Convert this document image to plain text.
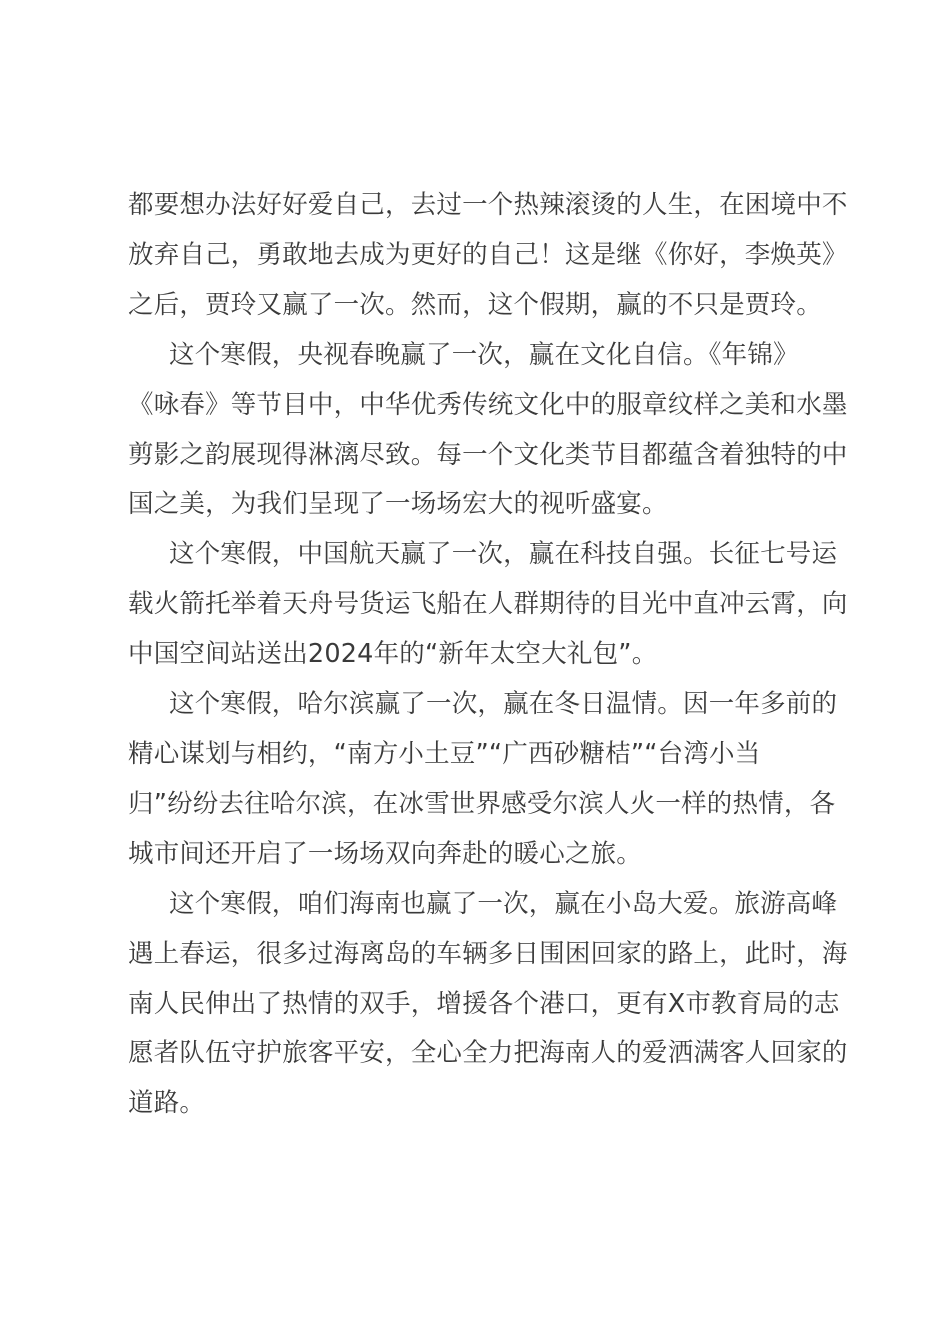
都要想办法好好爱自己，去过一个热辣滚烫的人生，在困境中不
放弃自己，勇敢地去成为更好的自己！这是继《你好，李焕英》
之后，贾玲又赢了一次。然而，这个假期，赢的不只是贾玲。

这个寒假，央视春晚赢了一次，赢在文化自信。《年锦》
《咏春》等节目中，中华优秀传统文化中的服章纹样之美和水墨
剪影之韵展现得淋漓尽致。每一个文化类节目都蕴含着独特的中
国之美，为我们呈现了一场场宏大的视听盛宴。

这个寒假，中国航天赢了一次，赢在科技自强。长征七号运
载火箭托举着天舟号货运飞船在人群期待的目光中直冲云霄，向
中国空间站送出2024年的“新年太空大礼包”。

这个寒假，哈尔滨赢了一次，赢在冬日温情。因一年多前的
精心谋划与相约，“南方小土豆”“广西砂糖桔”“台湾小当
归”纷纷去往哈尔滨，在冰雪世界感受尔滨人火一样的热情，各
城市间还开启了一场场双向奔赴的暖心之旅。

这个寒假，咱们海南也赢了一次，赢在小岛大爱。旅游高峰
遇上春运，很多过海离岛的车辆多日围困回家的路上，此时，海
南人民伸出了热情的双手，增援各个港口，更有X市教育局的志
愿者队伍守护旅客平安，全心全力把海南人的爱洒满客人回家的
道路。
